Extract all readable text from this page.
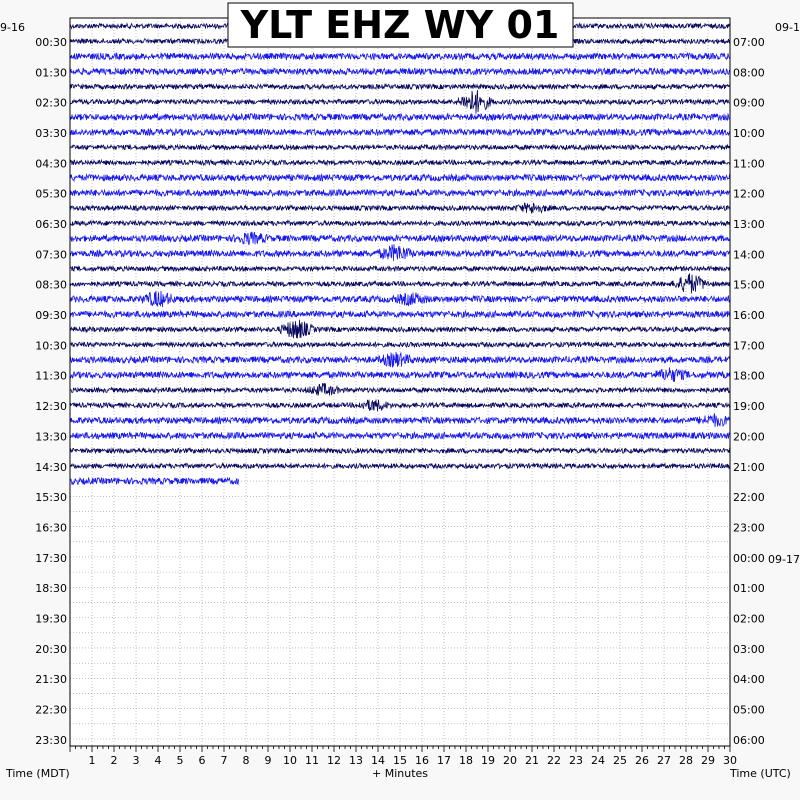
1 2 3 4 5 6 7 8 9 10 11 12 13 14 15 16 17 18 19 20 21 22 23 24 25 26 27 28 29 30
00:30
01:30
02:30
03:30
04:30
05:30
06:30
07:30
08:30
09:30
10:30
11:30
12:30
13:30
14:30
15:30
16:30
17:30
18:30
19:30
20:30
21:30
22:30
23:30
07:00
08:00
09:00
10:00
11:00
12:00
13:00
14:00
15:00
16:00
17:00
18:00
19:00
20:00
21:00
22:00
23:00
00:00
01:00
02:00
03:00
04:00
05:00
06:00
9-16	09-1
09-17
Time (MDT)	+ Minutes	Time (UTC)
YLT EHZ WY 01
